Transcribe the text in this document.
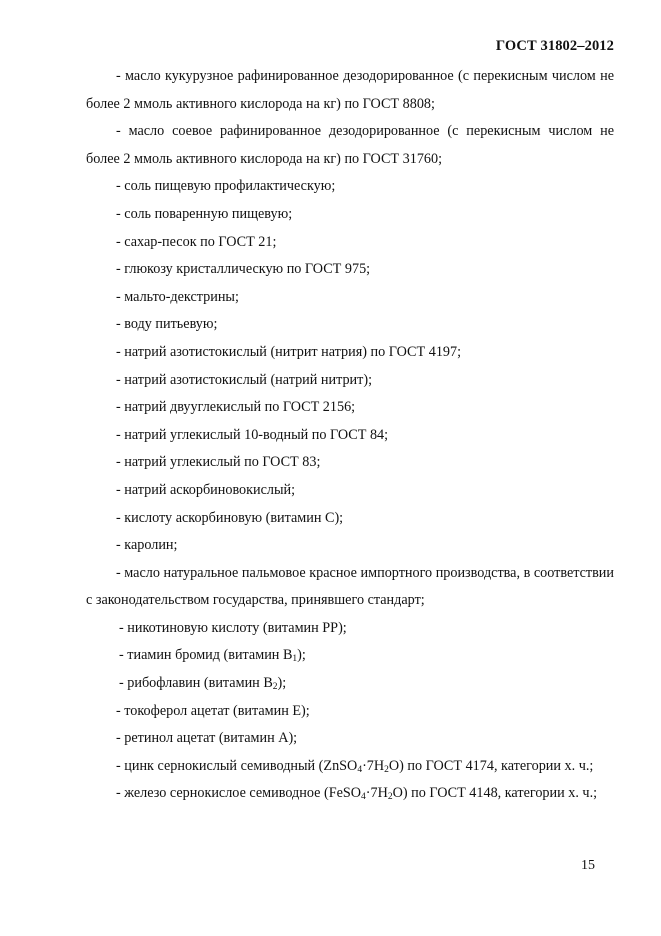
ГОСТ 31802–2012

- масло кукурузное рафинированное дезодорированное (с перекисным числом не более 2 ммоль активного кислорода на кг) по ГОСТ 8808;

- масло соевое рафинированное дезодорированное (с перекисным числом не более 2 ммоль активного кислорода на кг) по ГОСТ 31760;

- соль пищевую профилактическую;

- соль поваренную пищевую;

- сахар-песок по ГОСТ 21;

- глюкозу кристаллическую по ГОСТ 975;

- мальто-декстрины;

- воду питьевую;

- натрий азотистокислый (нитрит натрия) по ГОСТ 4197;

- натрий азотистокислый (натрий нитрит);

- натрий двууглекислый по ГОСТ 2156;

- натрий углекислый 10-водный по ГОСТ 84;

- натрий углекислый по ГОСТ 83;

- натрий аскорбиновокислый;

- кислоту аскорбиновую (витамин С);

- каролин;

- масло натуральное пальмовое красное импортного производства, в соответствии с законодательством государства, принявшего стандарт;

- никотиновую кислоту (витамин РР);

- тиамин бромид (витамин $В_1$);

- рибофлавин (витамин $В_2$);

- токоферол ацетат (витамин Е);

- ретинол ацетат (витамин А);

- цинк сернокислый семиводный $(ZnSO_4\cdot 7H_2O)$ по ГОСТ 4174, категории х. ч.;

- железо сернокислое семиводное $(FeSO_4\cdot 7H_2O)$ по ГОСТ 4148, категории х. ч.;

15
